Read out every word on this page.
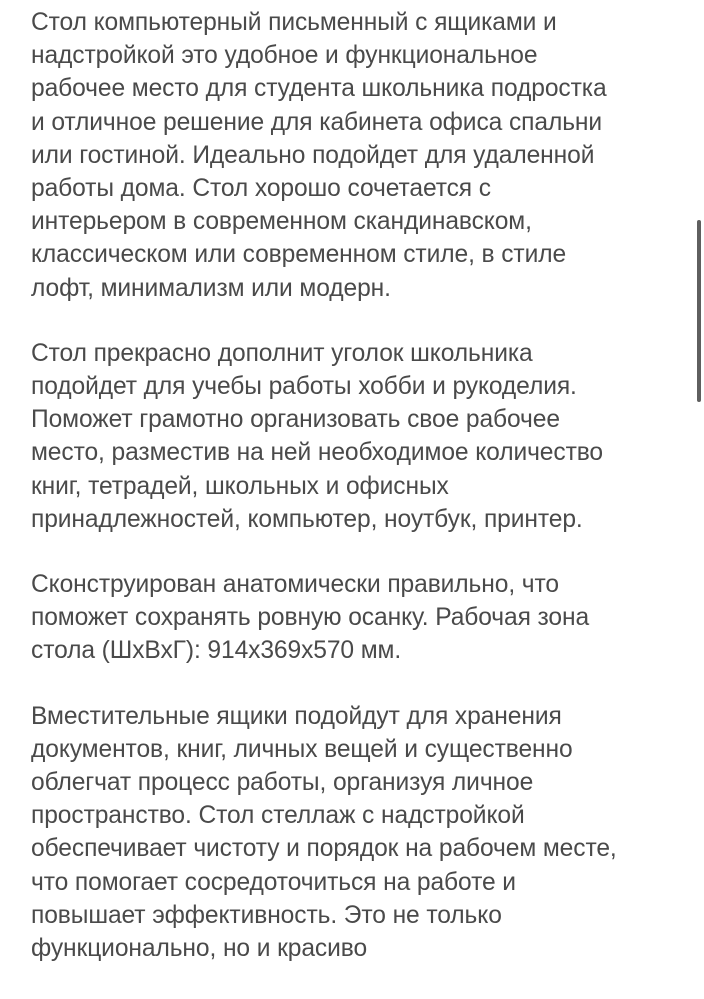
Стол компьютерный письменный с ящиками и
надстройкой это удобное и функциональное
рабочее место для студента школьника подростка
и отличное решение для кабинета офиса спальни
или гостиной. Идеально подойдет для удаленной
работы дома. Стол хорошо сочетается с
интерьером в современном скандинавском,
классическом или современном стиле, в стиле
лофт, минимализм или модерн.

Стол прекрасно дополнит уголок школьника
подойдет для учебы работы хобби и рукоделия.
Поможет грамотно организовать свое рабочее
место, разместив на ней необходимое количество
книг, тетрадей, школьных и офисных
принадлежностей, компьютер, ноутбук, принтер.

Сконструирован анатомически правильно, что
поможет сохранять ровную осанку. Рабочая зона
стола (ШхВхГ): 914х369х570 мм.

Вместительные ящики подойдут для хранения
документов, книг, личных вещей и существенно
облегчат процесс работы, организуя личное
пространство. Стол стеллаж с надстройкой
обеспечивает чистоту и порядок на рабочем месте,
что помогает сосредоточиться на работе и
повышает эффективность. Это не только
функционально, но и красиво
